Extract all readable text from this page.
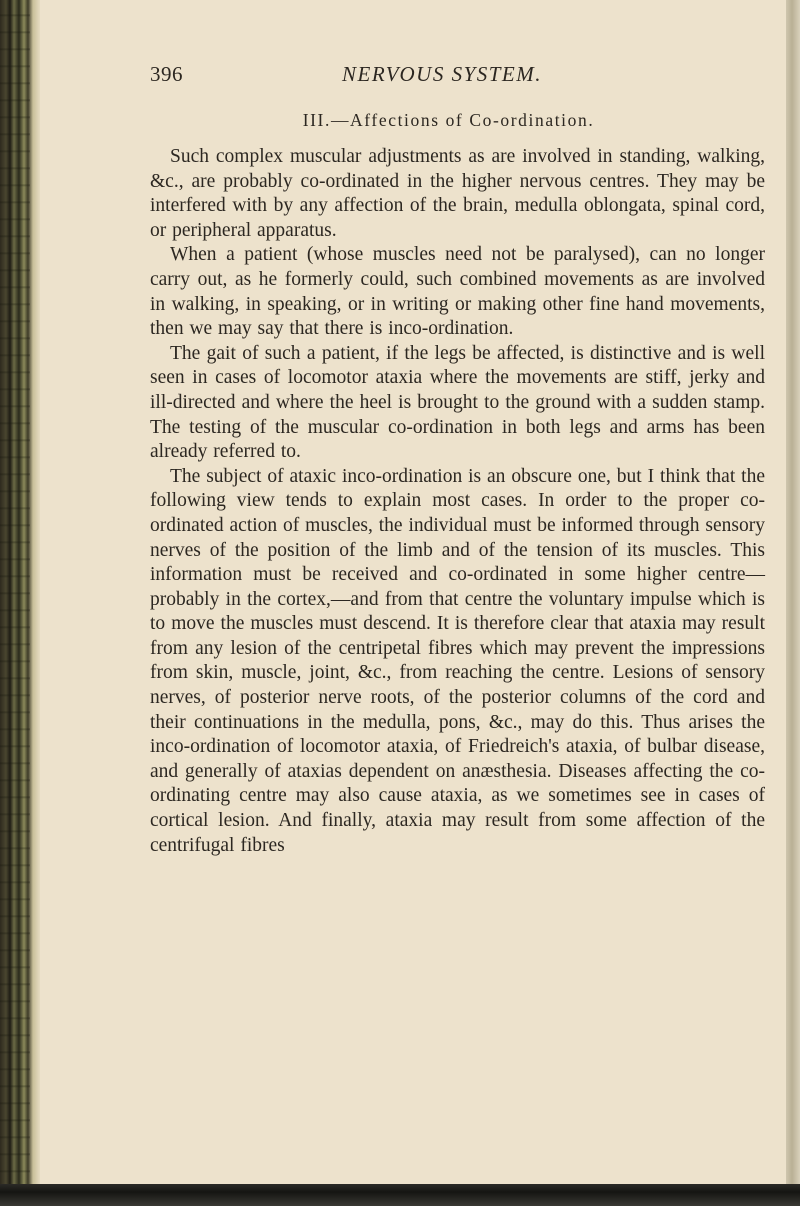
396	NERVOUS SYSTEM.
III.—Affections of Co-ordination.

Such complex muscular adjustments as are involved in standing, walking, &c., are probably co-ordinated in the higher nervous centres. They may be interfered with by any affection of the brain, medulla oblongata, spinal cord, or peripheral apparatus.

When a patient (whose muscles need not be paralysed), can no longer carry out, as he formerly could, such combined movements as are involved in walking, in speaking, or in writing or making other fine hand movements, then we may say that there is inco-ordination.

The gait of such a patient, if the legs be affected, is distinctive and is well seen in cases of locomotor ataxia where the movements are stiff, jerky and ill-directed and where the heel is brought to the ground with a sudden stamp. The testing of the muscular co-ordination in both legs and arms has been already referred to.

The subject of ataxic inco-ordination is an obscure one, but I think that the following view tends to explain most cases. In order to the proper co-ordinated action of muscles, the individual must be informed through sensory nerves of the position of the limb and of the tension of its muscles. This information must be received and co-ordinated in some higher centre—probably in the cortex,—and from that centre the voluntary impulse which is to move the muscles must descend. It is therefore clear that ataxia may result from any lesion of the centripetal fibres which may prevent the impressions from skin, muscle, joint, &c., from reaching the centre. Lesions of sensory nerves, of posterior nerve roots, of the posterior columns of the cord and their continuations in the medulla, pons, &c., may do this. Thus arises the inco-ordination of locomotor ataxia, of Friedreich's ataxia, of bulbar disease, and generally of ataxias dependent on anæsthesia. Diseases affecting the co-ordinating centre may also cause ataxia, as we sometimes see in cases of cortical lesion. And finally, ataxia may result from some affection of the centrifugal fibres
